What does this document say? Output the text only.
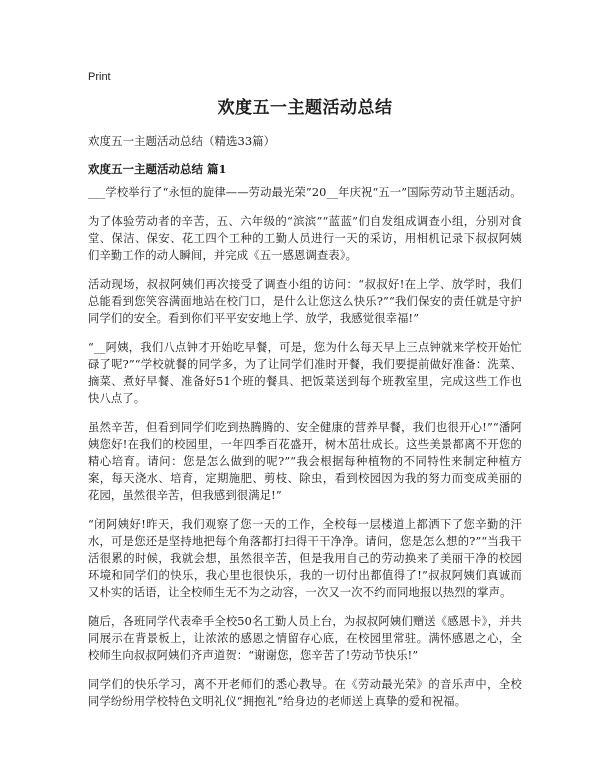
Print
欢度五一主题活动总结

欢度五一主题活动总结（精选33篇）

欢度五一主题活动总结 篇1

___学校举行了“永恒的旋律——劳动最光荣”20__年庆祝“五一”国际劳动节主题活动。

为了体验劳动者的辛苦，五、六年级的“滨滨”“蓝蓝”们自发组成调查小组，分别对食堂、保洁、保安、花工四个工种的工勤人员进行一天的采访，用相机记录下叔叔阿姨们辛勤工作的动人瞬间，并完成《五一感恩调查表》。

活动现场，叔叔阿姨们再次接受了调查小组的访问：“叔叔好!在上学、放学时，我们总能看到您笑容满面地站在校门口，是什么让您这么快乐?”“我们保安的责任就是守护同学们的安全。看到你们平平安安地上学、放学，我感觉很幸福!”

“__阿姨，我们八点钟才开始吃早餐，可是，您为什么每天早上三点钟就来学校开始忙碌了呢?”“学校就餐的同学多，为了让同学们准时开餐，我们要提前做好准备：洗菜、摘菜、煮好早餐、准备好51个班的餐具、把饭菜送到每个班教室里，完成这些工作也快八点了。

虽然辛苦，但看到同学们吃到热腾腾的、安全健康的营养早餐，我们也很开心!”“潘阿姨您好!在我们的校园里，一年四季百花盛开，树木茁壮成长。这些美景都离不开您的精心培育。请问：您是怎么做到的呢?”“我会根据每种植物的不同特性来制定种植方案，每天浇水、培育，定期施肥、剪枝、除虫，看到校园因为我的努力而变成美丽的花园，虽然很辛苦，但我感到很满足!”

“闭阿姨好!昨天，我们观察了您一天的工作，全校每一层楼道上都洒下了您辛勤的汗水，可是您还是坚持地把每个角落都打扫得干干净净。请问，您是怎么想的?”“当我干活很累的时候，我就会想，虽然很辛苦，但是我用自己的劳动换来了美丽干净的校园环境和同学们的快乐，我心里也很快乐，我的一切付出都值得了!”叔叔阿姨们真诚而又朴实的话语，让全校师生无不为之动容，一次又一次不约而同地报以热烈的掌声。

随后，各班同学代表牵手全校50名工勤人员上台，为叔叔阿姨们赠送《感恩卡》，并共同展示在背景板上，让浓浓的感恩之情留存心底，在校园里常驻。满怀感恩之心，全校师生向叔叔阿姨们齐声道贺：“谢谢您，您辛苦了!劳动节快乐!”

同学们的快乐学习，离不开老师们的悉心教导。在《劳动最光荣》的音乐声中，全校同学纷纷用学校特色文明礼仪“拥抱礼”给身边的老师送上真挚的爱和祝福。
